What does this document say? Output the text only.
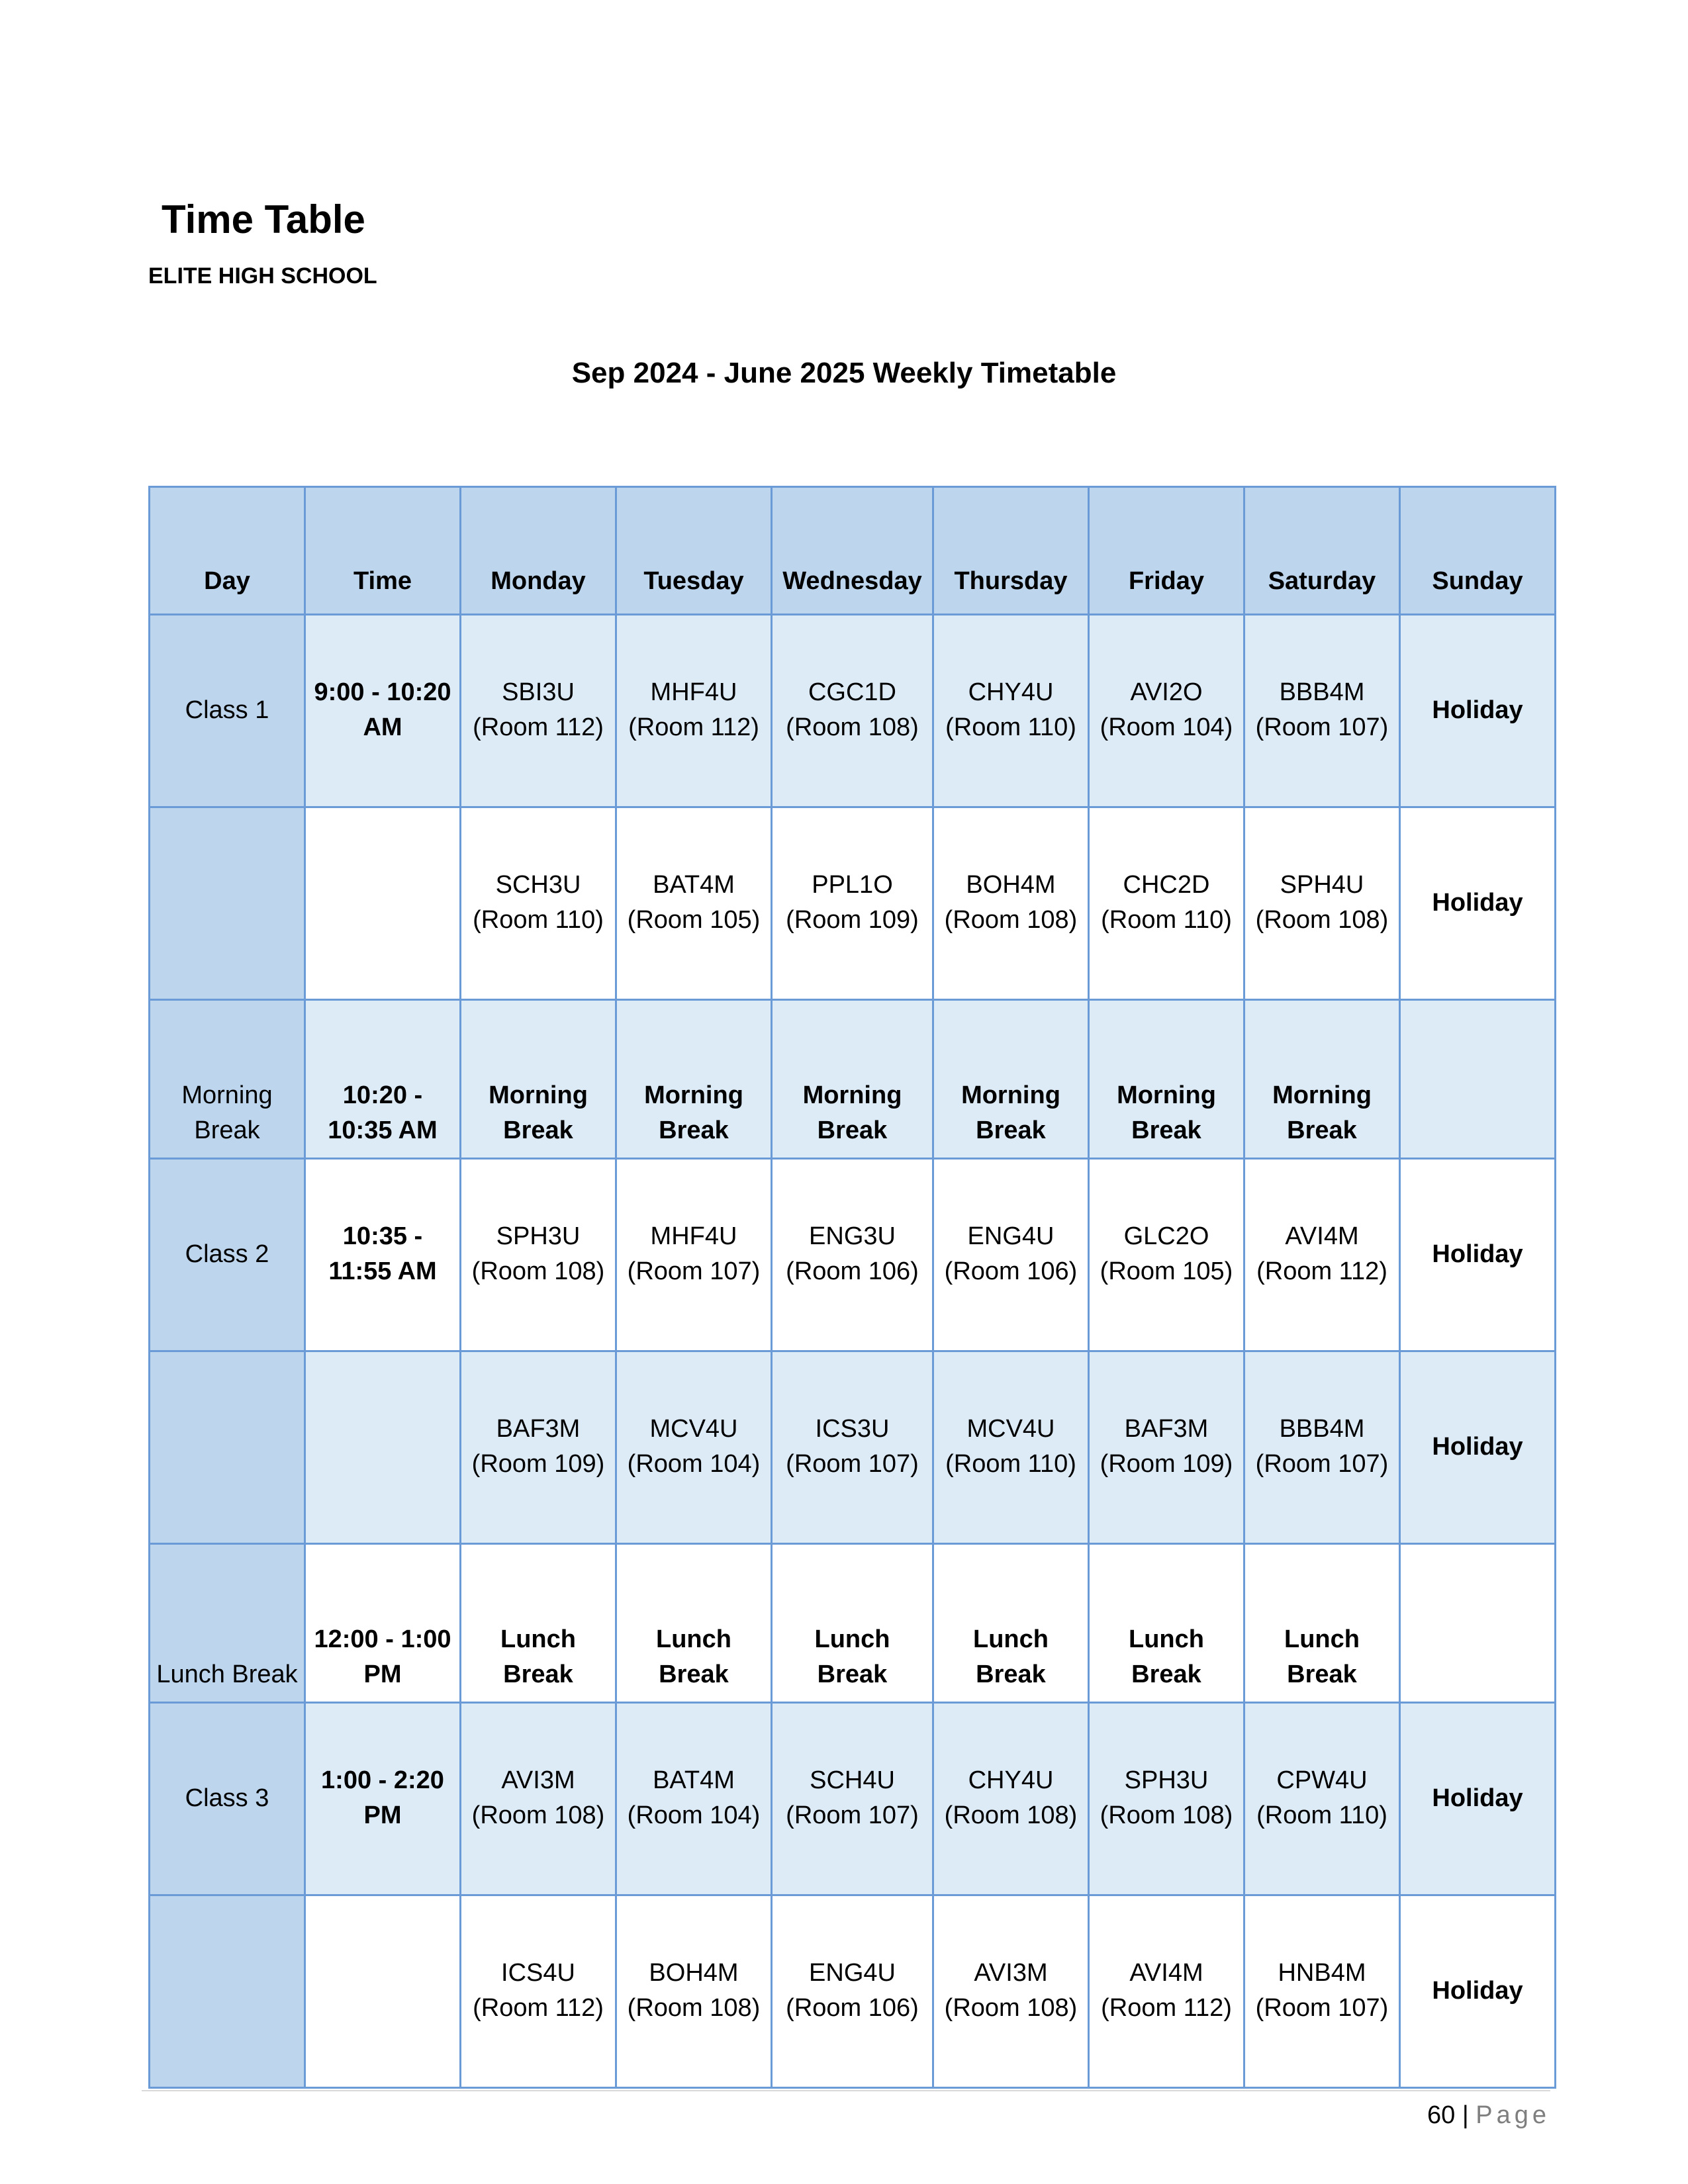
Time Table
ELITE HIGH SCHOOL
Sep 2024 - June 2025 Weekly Timetable
Day	Time	Monday	Tuesday	Wednesday	Thursday	Friday	Saturday	Sunday
Class 1	9:00 - 10:20 AM	SBI3U (Room 112)	MHF4U (Room 112)	CGC1D (Room 108)	CHY4U (Room 110)	AVI2O (Room 104)	BBB4M (Room 107)	Holiday
		SCH3U (Room 110)	BAT4M (Room 105)	PPL1O (Room 109)	BOH4M (Room 108)	CHC2D (Room 110)	SPH4U (Room 108)	Holiday
Morning Break	10:20 - 10:35 AM	Morning Break	Morning Break	Morning Break	Morning Break	Morning Break	Morning Break	
Class 2	10:35 - 11:55 AM	SPH3U (Room 108)	MHF4U (Room 107)	ENG3U (Room 106)	ENG4U (Room 106)	GLC2O (Room 105)	AVI4M (Room 112)	Holiday
		BAF3M (Room 109)	MCV4U (Room 104)	ICS3U (Room 107)	MCV4U (Room 110)	BAF3M (Room 109)	BBB4M (Room 107)	Holiday
Lunch Break	12:00 - 1:00 PM	Lunch Break	Lunch Break	Lunch Break	Lunch Break	Lunch Break	Lunch Break	
Class 3	1:00 - 2:20 PM	AVI3M (Room 108)	BAT4M (Room 104)	SCH4U (Room 107)	CHY4U (Room 108)	SPH3U (Room 108)	CPW4U (Room 110)	Holiday
		ICS4U (Room 112)	BOH4M (Room 108)	ENG4U (Room 106)	AVI3M (Room 108)	AVI4M (Room 112)	HNB4M (Room 107)	Holiday
60 | Page
